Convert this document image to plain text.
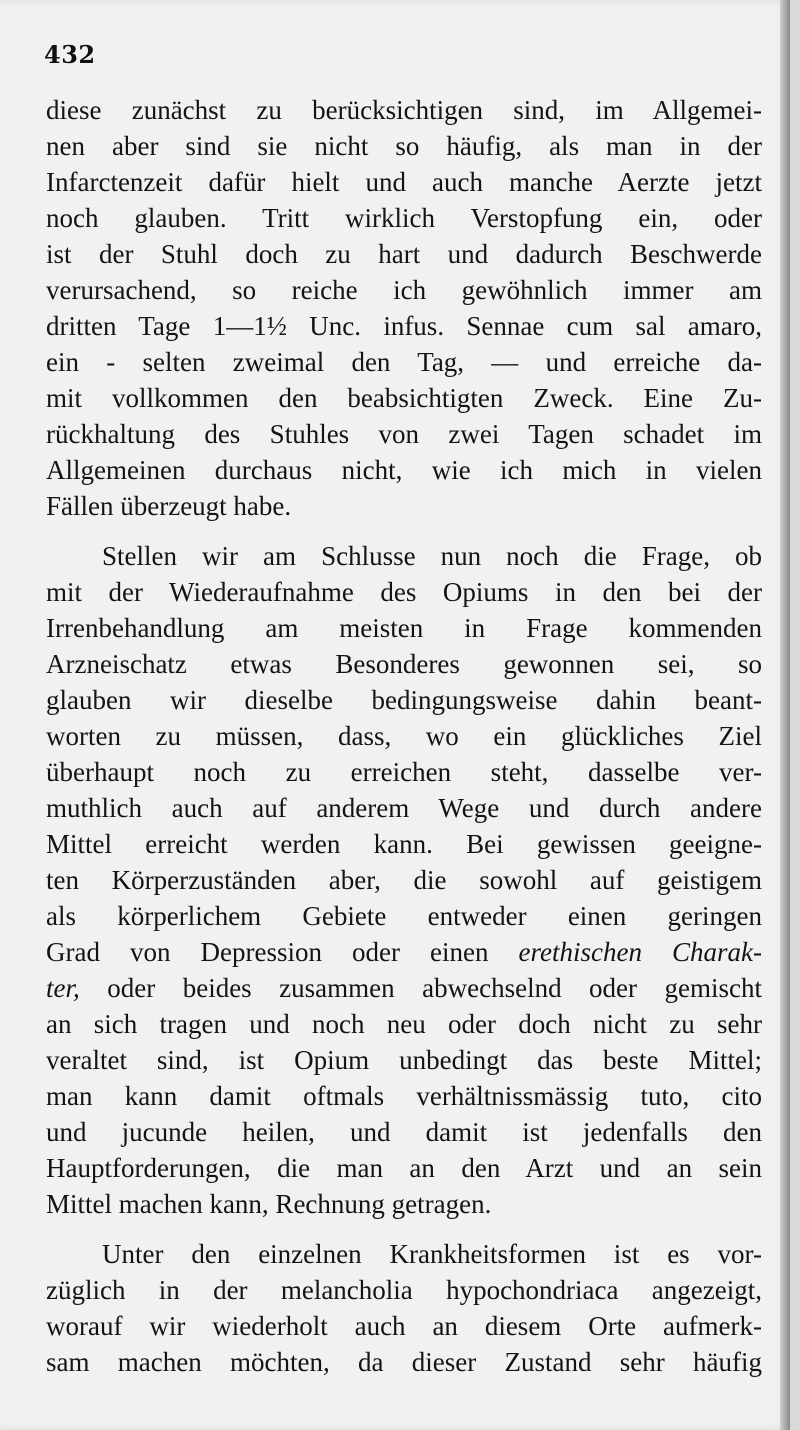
432
diese zunächst zu berücksichtigen sind, im Allgemei-
nen aber sind sie nicht so häufig, als man in der
Infarctenzeit dafür hielt und auch manche Aerzte jetzt
noch glauben. Tritt wirklich Verstopfung ein, oder
ist der Stuhl doch zu hart und dadurch Beschwerde
verursachend, so reiche ich gewöhnlich immer am
dritten Tage 1—1½ Unc. infus. Sennae cum sal amaro,
ein - selten zweimal den Tag, — und erreiche da-
mit vollkommen den beabsichtigten Zweck. Eine Zu-
rückhaltung des Stuhles von zwei Tagen schadet im
Allgemeinen durchaus nicht, wie ich mich in vielen
Fällen überzeugt habe.
Stellen wir am Schlusse nun noch die Frage, ob
mit der Wiederaufnahme des Opiums in den bei der
Irrenbehandlung am meisten in Frage kommenden
Arzneischatz etwas Besonderes gewonnen sei, so
glauben wir dieselbe bedingungsweise dahin beant-
worten zu müssen, dass, wo ein glückliches Ziel
überhaupt noch zu erreichen steht, dasselbe ver-
muthlich auch auf anderem Wege und durch andere
Mittel erreicht werden kann. Bei gewissen geeigne-
ten Körperzuständen aber, die sowohl auf geistigem
als körperlichem Gebiete entweder einen geringen
Grad von Depression oder einen erethischen Charak-
ter, oder beides zusammen abwechselnd oder gemischt
an sich tragen und noch neu oder doch nicht zu sehr
veraltet sind, ist Opium unbedingt das beste Mittel;
man kann damit oftmals verhältnissmässig tuto, cito
und jucunde heilen, und damit ist jedenfalls den
Hauptforderungen, die man an den Arzt und an sein
Mittel machen kann, Rechnung getragen.
Unter den einzelnen Krankheitsformen ist es vor-
züglich in der melancholia hypochondriaca angezeigt,
worauf wir wiederholt auch an diesem Orte aufmerk-
sam machen möchten, da dieser Zustand sehr häufig
